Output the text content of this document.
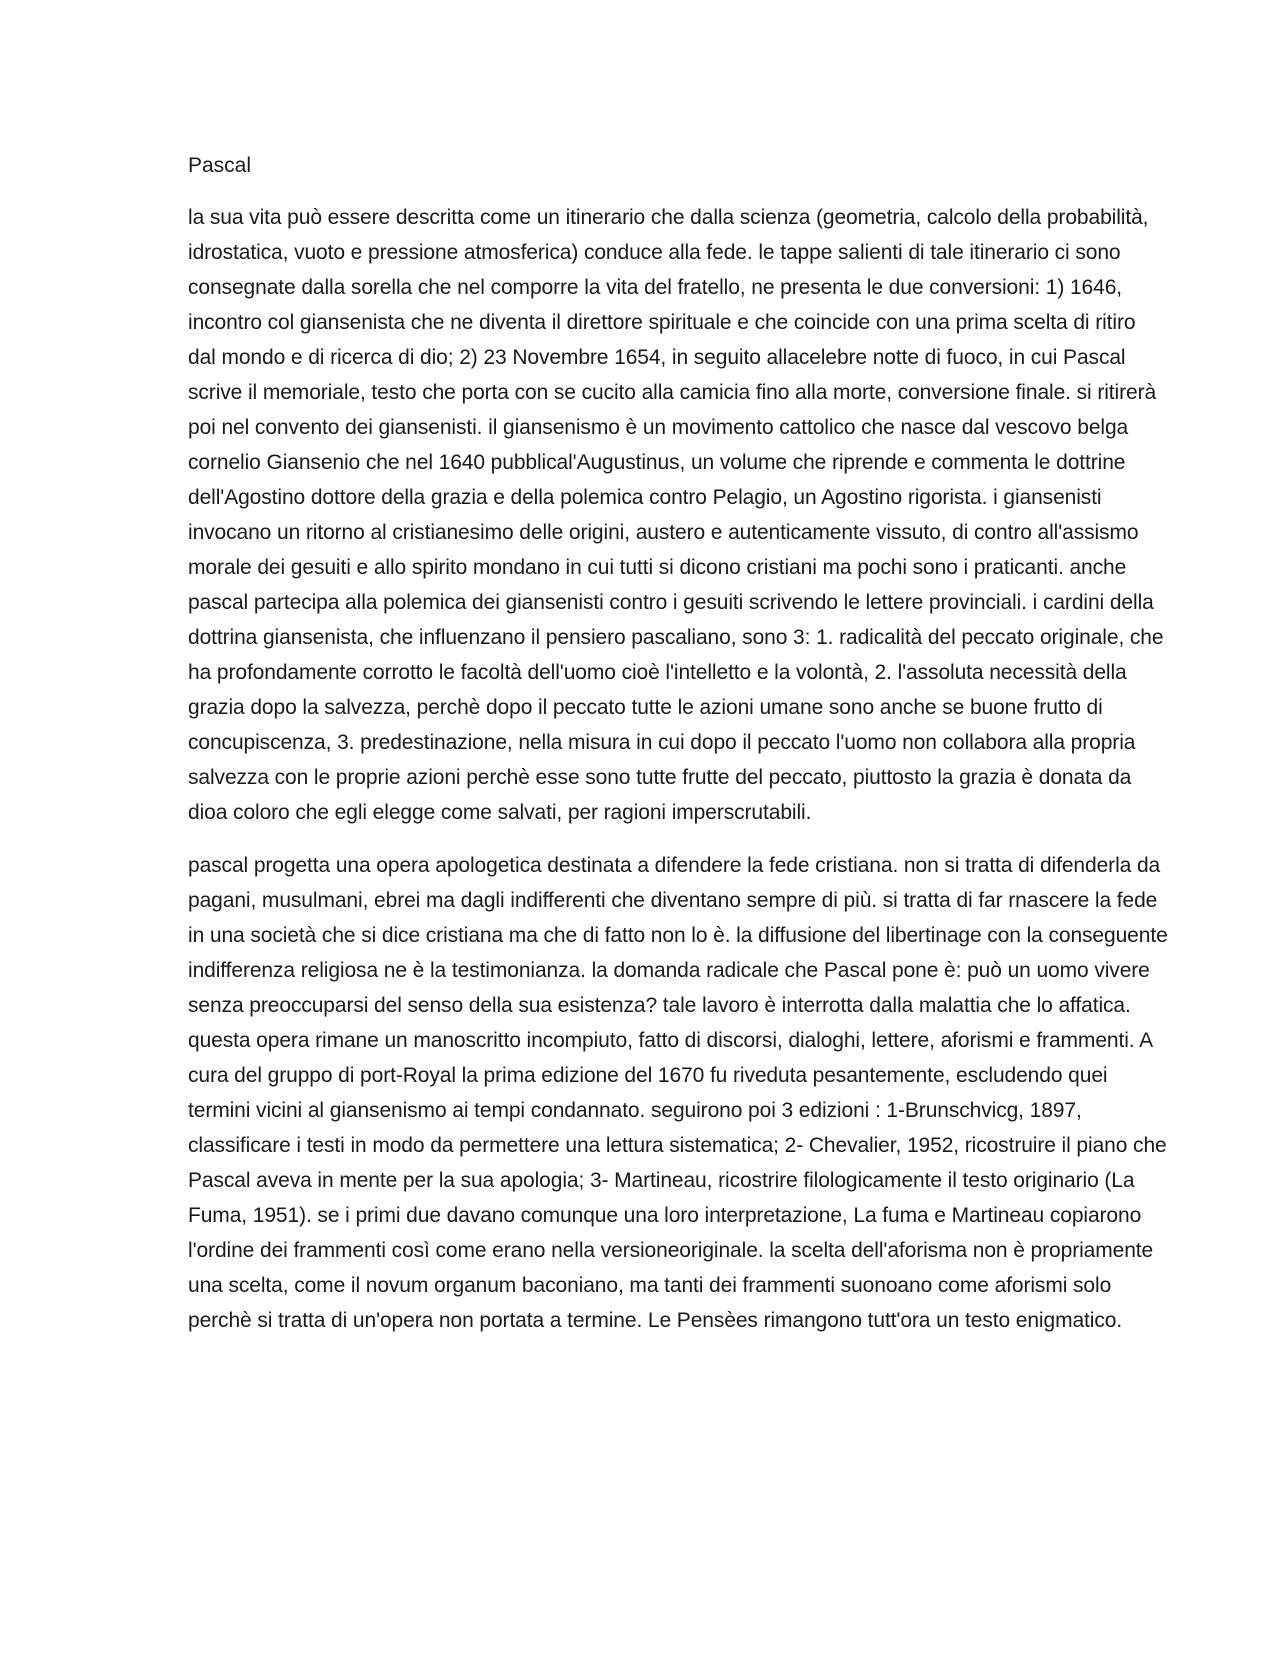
Pascal

la sua vita può essere descritta come un itinerario che dalla scienza (geometria, calcolo della probabilità, idrostatica, vuoto e pressione atmosferica) conduce alla fede. le tappe salienti di tale itinerario ci sono consegnate dalla sorella che nel comporre la vita del fratello, ne presenta le due conversioni: 1) 1646, incontro col giansenista che ne diventa il direttore spirituale e che coincide con una prima scelta di ritiro dal mondo e di ricerca di dio; 2) 23 Novembre 1654, in seguito allacelebre notte di fuoco, in cui Pascal scrive il memoriale, testo che porta con se cucito alla camicia fino alla morte, conversione finale. si ritirerà poi nel convento dei giansenisti. il giansenismo è un movimento cattolico che nasce dal vescovo belga cornelio Giansenio che nel 1640 pubblical'Augustinus, un volume che riprende e commenta le dottrine dell'Agostino dottore della grazia e della polemica contro Pelagio, un Agostino rigorista. i giansenisti invocano un ritorno al cristianesimo delle origini, austero e autenticamente vissuto, di contro all'assismo morale dei gesuiti e allo spirito mondano in cui tutti si dicono cristiani ma pochi sono i praticanti. anche pascal partecipa alla polemica dei giansenisti contro i gesuiti scrivendo le lettere provinciali. i cardini della dottrina giansenista, che influenzano il pensiero pascaliano, sono 3: 1. radicalità del peccato originale, che ha profondamente corrotto le facoltà dell'uomo cioè l'intelletto e la volontà, 2. l'assoluta necessità della grazia dopo la salvezza, perchè dopo il peccato tutte le azioni umane sono anche se buone frutto di concupiscenza, 3. predestinazione, nella misura in cui dopo il peccato l'uomo non collabora alla propria salvezza con le proprie azioni perchè esse sono tutte frutte del peccato, piuttosto la grazia è donata da dioa coloro che egli elegge come salvati, per ragioni imperscrutabili.

pascal progetta una opera apologetica destinata a difendere la fede cristiana. non si tratta di difenderla da pagani, musulmani, ebrei ma dagli indifferenti che diventano sempre di più. si tratta di far rnascere la fede in una società che si dice cristiana ma che di fatto non lo è. la diffusione del libertinage con la conseguente indifferenza religiosa ne è la testimonianza. la domanda radicale che Pascal pone è: può un uomo vivere senza preoccuparsi del senso della sua esistenza? tale lavoro è interrotta dalla malattia che lo affatica. questa opera rimane un manoscritto incompiuto, fatto di discorsi, dialoghi, lettere, aforismi e frammenti. A cura del gruppo di port-Royal la prima edizione del 1670 fu riveduta pesantemente, escludendo quei termini vicini al giansenismo ai tempi condannato. seguirono poi 3 edizioni : 1-Brunschvicg, 1897, classificare i testi in modo da permettere una lettura sistematica; 2- Chevalier, 1952, ricostruire il piano che Pascal aveva in mente per la sua apologia; 3- Martineau, ricostrire filologicamente il testo originario (La Fuma, 1951). se i primi due davano comunque una loro interpretazione, La fuma e Martineau copiarono l'ordine dei frammenti così come erano nella versioneoriginale. la scelta dell'aforisma non è propriamente una scelta, come il novum organum baconiano, ma tanti dei frammenti suonoano come aforismi solo perchè si tratta di un'opera non portata a termine. Le Pensèes rimangono tutt'ora un testo enigmatico.
